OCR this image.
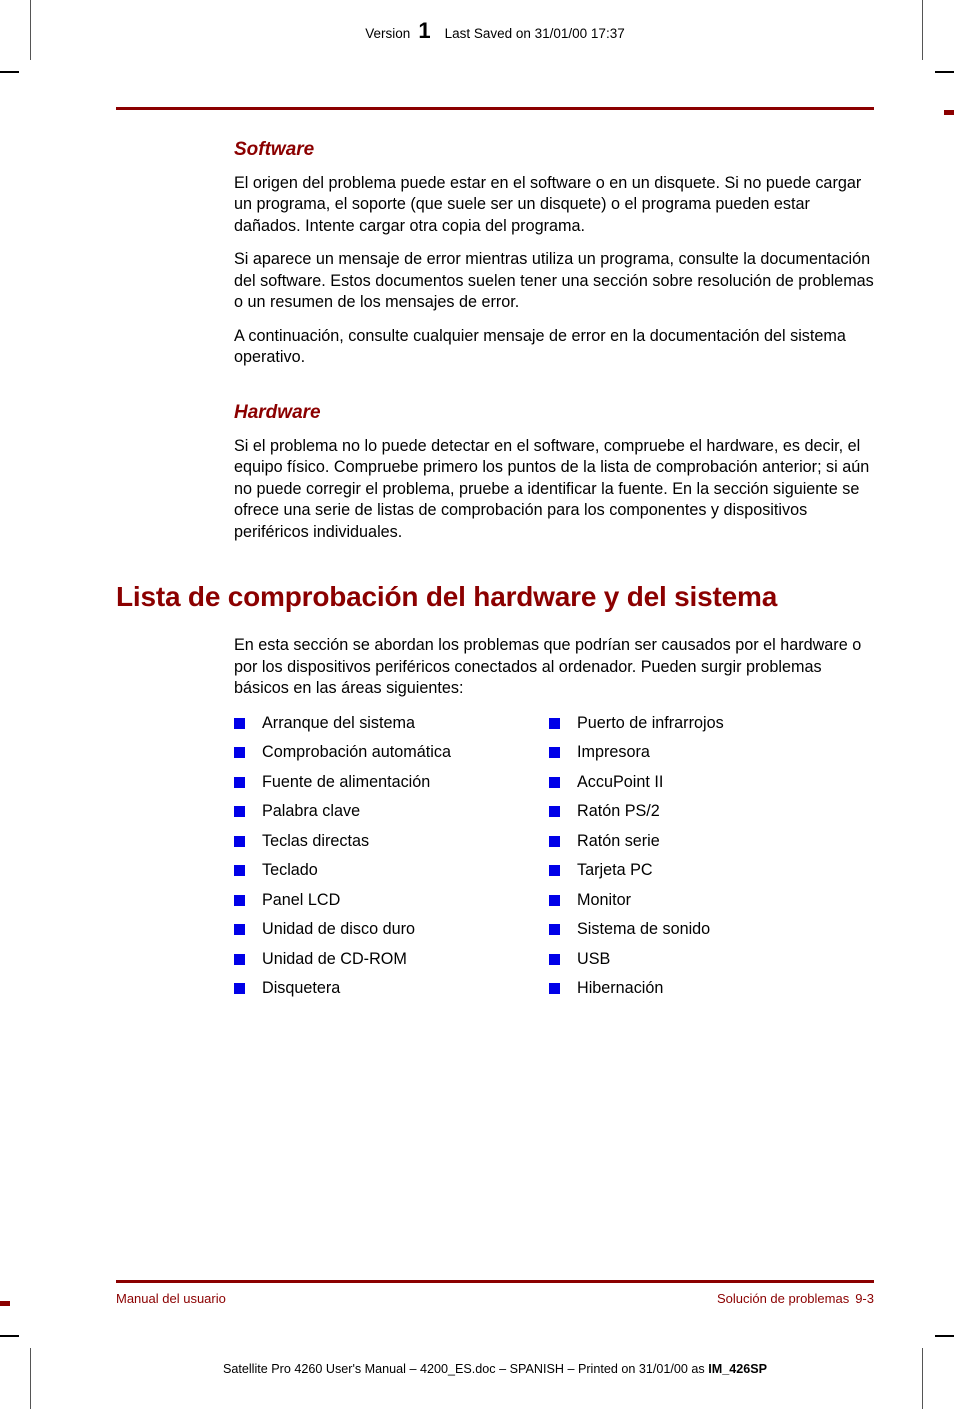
Version 1 Last Saved on 31/01/00 17:37
Software

El origen del problema puede estar en el software o en un disquete. Si no puede cargar un programa, el soporte (que suele ser un disquete) o el programa pueden estar dañados. Intente cargar otra copia del programa.

Si aparece un mensaje de error mientras utiliza un programa, consulte la documentación del software. Estos documentos suelen tener una sección sobre resolución de problemas o un resumen de los mensajes de error.

A continuación, consulte cualquier mensaje de error en la documentación del sistema operativo.

Hardware

Si el problema no lo puede detectar en el software, compruebe el hardware, es decir, el equipo físico. Compruebe primero los puntos de la lista de comprobación anterior; si aún no puede corregir el problema, pruebe a identificar la fuente. En la sección siguiente se ofrece una serie de listas de comprobación para los componentes y dispositivos periféricos individuales.

Lista de comprobación del hardware y del sistema

En esta sección se abordan los problemas que podrían ser causados por el hardware o por los dispositivos periféricos conectados al ordenador. Pueden surgir problemas básicos en las áreas siguientes:

Arranque del sistema
Comprobación automática
Fuente de alimentación
Palabra clave
Teclas directas
Teclado
Panel LCD
Unidad de disco duro
Unidad de CD-ROM
Disquetera
Puerto de infrarrojos
Impresora
AccuPoint II
Ratón PS/2
Ratón serie
Tarjeta PC
Monitor
Sistema de sonido
USB
Hibernación
Manual del usuario	Solución de problemas 9-3
Satellite Pro 4260 User's Manual – 4200_ES.doc – SPANISH – Printed on 31/01/00 as IM_426SP
